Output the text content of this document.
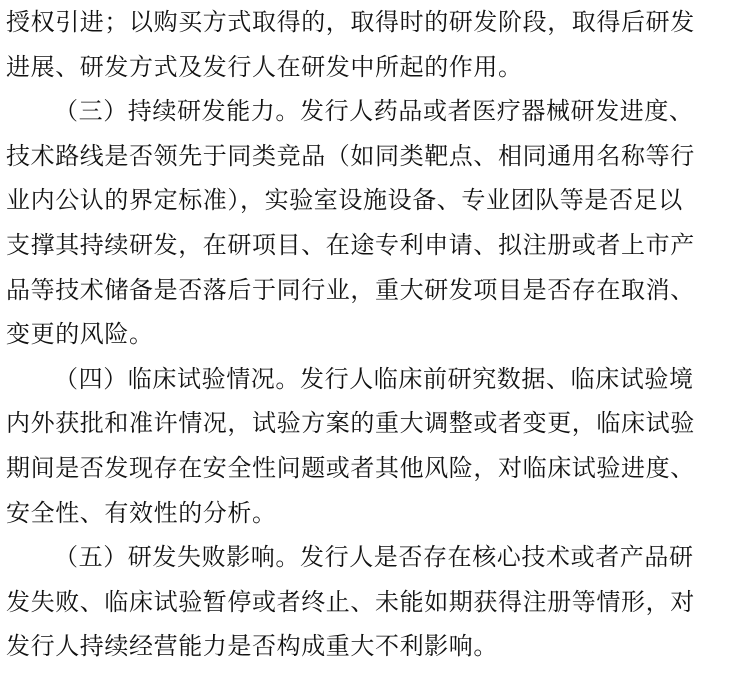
授权引进；以购买方式取得的，取得时的研发阶段，取得后研发
进展、研发方式及发行人在研发中所起的作用。
（三）持续研发能力。发行人药品或者医疗器械研发进度、
技术路线是否领先于同类竞品（如同类靶点、相同通用名称等行
业内公认的界定标准），实验室设施设备、专业团队等是否足以
支撑其持续研发，在研项目、在途专利申请、拟注册或者上市产
品等技术储备是否落后于同行业，重大研发项目是否存在取消、
变更的风险。
（四）临床试验情况。发行人临床前研究数据、临床试验境
内外获批和准许情况，试验方案的重大调整或者变更，临床试验
期间是否发现存在安全性问题或者其他风险，对临床试验进度、
安全性、有效性的分析。
（五）研发失败影响。发行人是否存在核心技术或者产品研
发失败、临床试验暂停或者终止、未能如期获得注册等情形，对
发行人持续经营能力是否构成重大不利影响。
